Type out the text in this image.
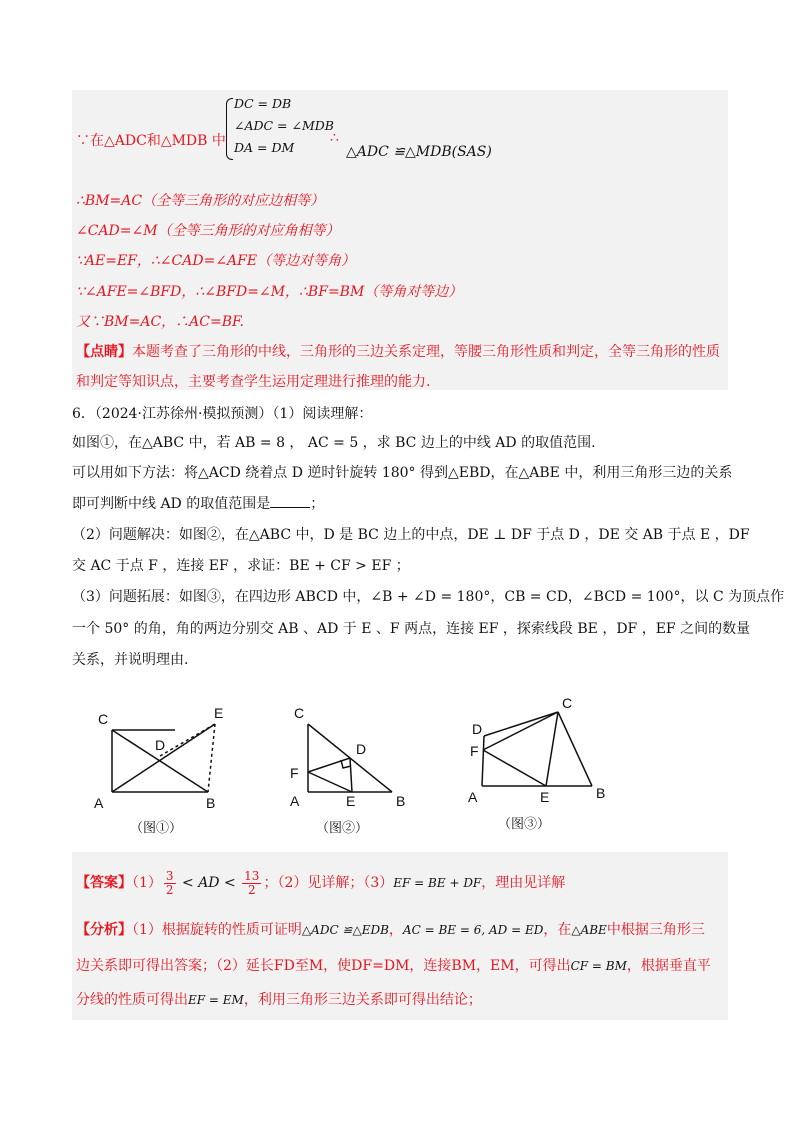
DC = DB
∠ADC = ∠MDB
DA = DM
∵在△ADC和△MDB 中	∴
△ADC ≌△MDB(SAS)
∴BM=AC（全等三角形的对应边相等）
∠CAD=∠M（全等三角形的对应角相等）
∵AE=EF，∴∠CAD=∠AFE（等边对等角）
∵∠AFE=∠BFD，∴∠BFD=∠M，∴BF=BM（等角对等边）
又∵BM=AC，∴AC=BF.
【点睛】本题考查了三角形的中线，三角形的三边关系定理，等腰三角形性质和判定，全等三角形的性质
和判定等知识点，主要考查学生运用定理进行推理的能力.
6．（2024·江苏徐州·模拟预测）（1）阅读理解：
如图①，在△ABC 中，若 AB = 8 ， AC = 5 ，求 BC 边上的中线 AD 的取值范围.
可以用如下方法：将△ACD 绕着点 D 逆时针旋转 180° 得到△EBD，在△ABE 中，利用三角形三边的关系
即可判断中线 AD 的取值范围是	；
（2）问题解决：如图②，在△ABC 中，D 是 BC 边上的中点，DE ⊥ DF 于点 D ，DE 交 AB 于点 E ，DF
交 AC 于点 F ，连接 EF ，求证：BE + CF > EF ；
（3）问题拓展：如图③，在四边形 ABCD 中，∠B + ∠D = 180°，CB = CD，∠BCD = 100°，以 C 为顶点作
一个 50° 的角，角的两边分别交 AB 、AD 于 E 、F 两点，连接 EF ，探索线段 BE ，DF ，EF 之间的数量
关系，并说明理由.
C	E
D
A	B
C
D
F
A	E	B
C
D
F
A	E	B
（图①）	（图②）	（图③）
【答案】$(1) \frac{3}{2}$ < AD < $\frac{13}{2}$ ；（2）见详解；（3）EF = BE + DF，理由见详解
【分析】（1）根据旋转的性质可证明△ADC ≌△EDB，AC = BE = 6, AD = ED，在△ABE中根据三角形三
边关系即可得出答案；（2）延长FD至M，使DF=DM，连接BM，EM，可得出CF = BM，根据垂直平
分线的性质可得出EF = EM，利用三角形三边关系即可得出结论；
